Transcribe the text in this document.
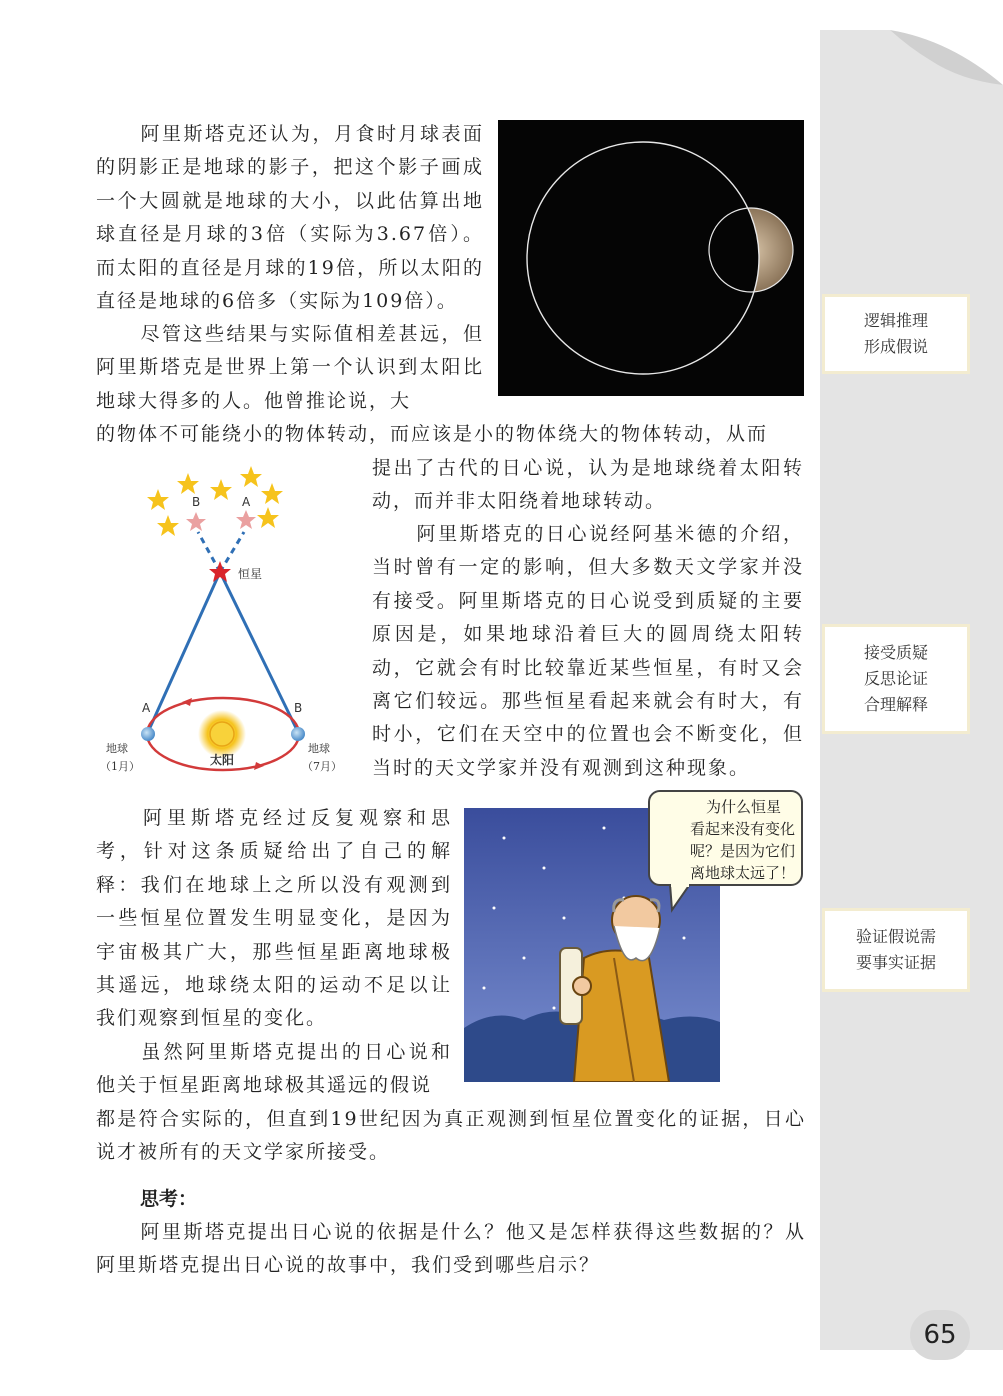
逻辑推理
形成假说
接受质疑
反思论证
合理解释
验证假说需
要事实证据
65

阿里斯塔克还认为，月食时月球表面的阴影正是地球的影子，把这个影子画成一个大圆就是地球的大小，以此估算出地球直径是月球的3倍（实际为3.67倍）。而太阳的直径是月球的19倍，所以太阳的直径是地球的6倍多（实际为109倍）。

尽管这些结果与实际值相差甚远，但阿里斯塔克是世界上第一个认识到太阳比地球大得多的人。他曾推论说，大

的物体不可能绕小的物体转动，而应该是小的物体绕大的物体转动，从而

提出了古代的日心说，认为是地球绕着太阳转动，而并非太阳绕着地球转动。

阿里斯塔克的日心说经阿基米德的介绍，当时曾有一定的影响，但大多数天文学家并没有接受。阿里斯塔克的日心说受到质疑的主要原因是，如果地球沿着巨大的圆周绕太阳转动，它就会有时比较靠近某些恒星，有时又会离它们较远。那些恒星看起来就会有时大，有时小，它们在天空中的位置也会不断变化，但当时的天文学家并没有观测到这种现象。

阿里斯塔克经过反复观察和思考，针对这条质疑给出了自己的解释：我们在地球上之所以没有观测到一些恒星位置发生明显变化，是因为宇宙极其广大，那些恒星距离地球极其遥远，地球绕太阳的运动不足以让我们观察到恒星的变化。

虽然阿里斯塔克提出的日心说和他关于恒星距离地球极其遥远的假说

都是符合实际的，但直到19世纪因为真正观测到恒星位置变化的证据，日心说才被所有的天文学家所接受。

思考：

阿里斯塔克提出日心说的依据是什么？他又是怎样获得这些数据的？从阿里斯塔克提出日心说的故事中，我们受到哪些启示？

B	A
恒星
太阳
A	B
地球
（1月）
地球
（7月）
为什么恒星
看起来没有变化
呢？是因为它们
离地球太远了！
